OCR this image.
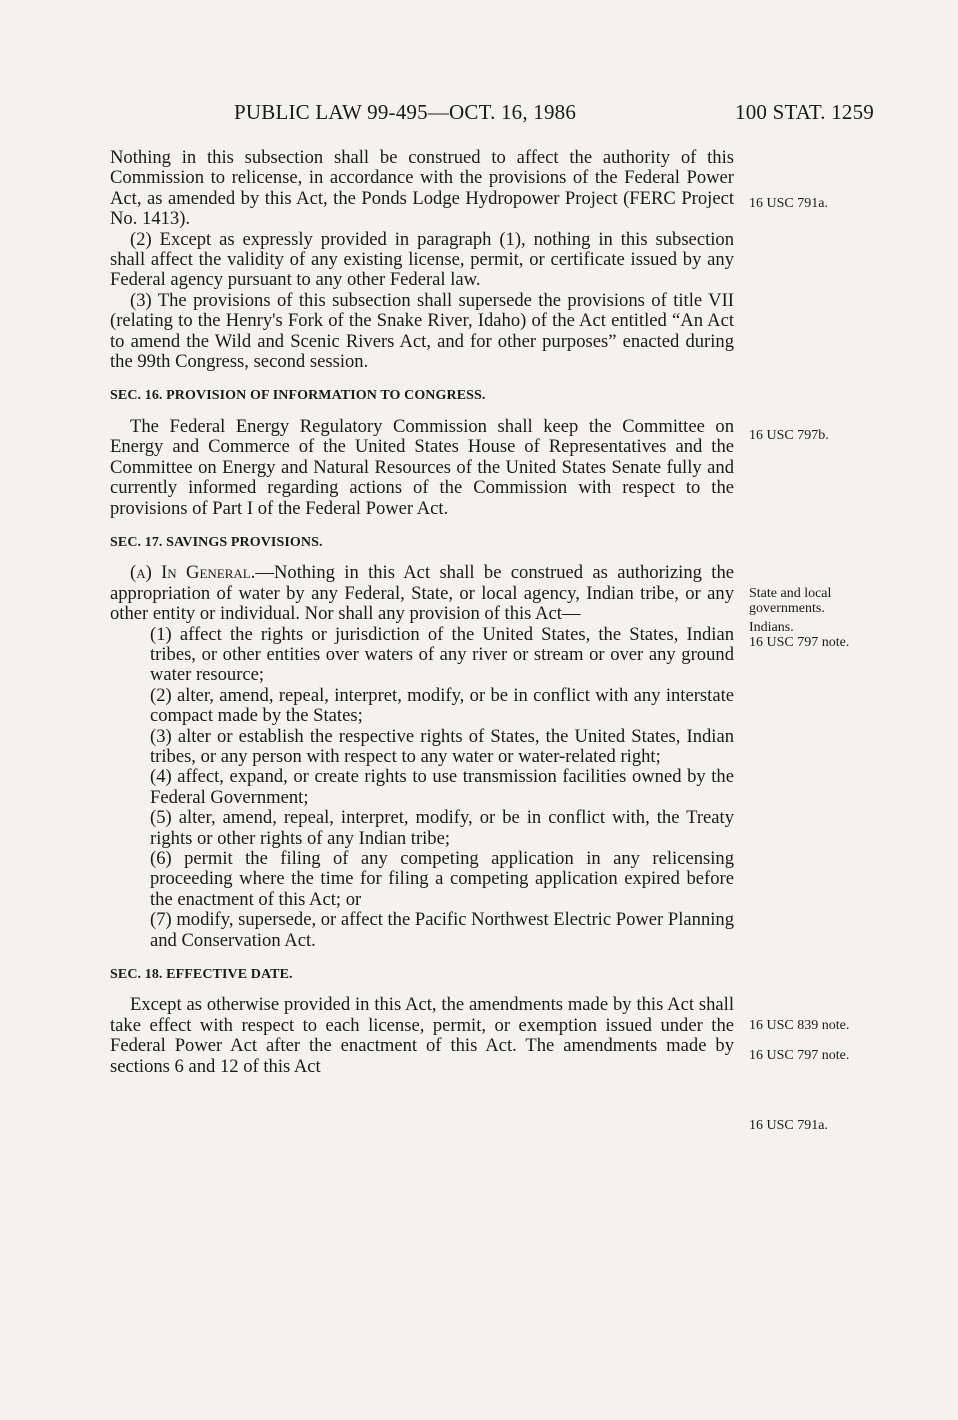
PUBLIC LAW 99-495—OCT. 16, 1986	100 STAT. 1259

Nothing in this subsection shall be construed to affect the authority of this Commission to relicense, in accordance with the provisions of the Federal Power Act, as amended by this Act, the Ponds Lodge Hydropower Project (FERC Project No. 1413).

(2) Except as expressly provided in paragraph (1), nothing in this subsection shall affect the validity of any existing license, permit, or certificate issued by any Federal agency pursuant to any other Federal law.

(3) The provisions of this subsection shall supersede the provisions of title VII (relating to the Henry's Fork of the Snake River, Idaho) of the Act entitled “An Act to amend the Wild and Scenic Rivers Act, and for other purposes” enacted during the 99th Congress, second session.

SEC. 16. PROVISION OF INFORMATION TO CONGRESS.

The Federal Energy Regulatory Commission shall keep the Committee on Energy and Commerce of the United States House of Representatives and the Committee on Energy and Natural Resources of the United States Senate fully and currently informed regarding actions of the Commission with respect to the provisions of Part I of the Federal Power Act.

SEC. 17. SAVINGS PROVISIONS.

(a) In General.—Nothing in this Act shall be construed as authorizing the appropriation of water by any Federal, State, or local agency, Indian tribe, or any other entity or individual. Nor shall any provision of this Act—

(1) affect the rights or jurisdiction of the United States, the States, Indian tribes, or other entities over waters of any river or stream or over any ground water resource;

(2) alter, amend, repeal, interpret, modify, or be in conflict with any interstate compact made by the States;

(3) alter or establish the respective rights of States, the United States, Indian tribes, or any person with respect to any water or water-related right;

(4) affect, expand, or create rights to use transmission facilities owned by the Federal Government;

(5) alter, amend, repeal, interpret, modify, or be in conflict with, the Treaty rights or other rights of any Indian tribe;

(6) permit the filing of any competing application in any relicensing proceeding where the time for filing a competing application expired before the enactment of this Act; or

(7) modify, supersede, or affect the Pacific Northwest Electric Power Planning and Conservation Act.

SEC. 18. EFFECTIVE DATE.

Except as otherwise provided in this Act, the amendments made by this Act shall take effect with respect to each license, permit, or exemption issued under the Federal Power Act after the enactment of this Act. The amendments made by sections 6 and 12 of this Act

16 USC 791a.
16 USC 797b.
State and local governments.
Indians.
16 USC 797 note.
16 USC 839 note.
16 USC 797 note.
16 USC 791a.
